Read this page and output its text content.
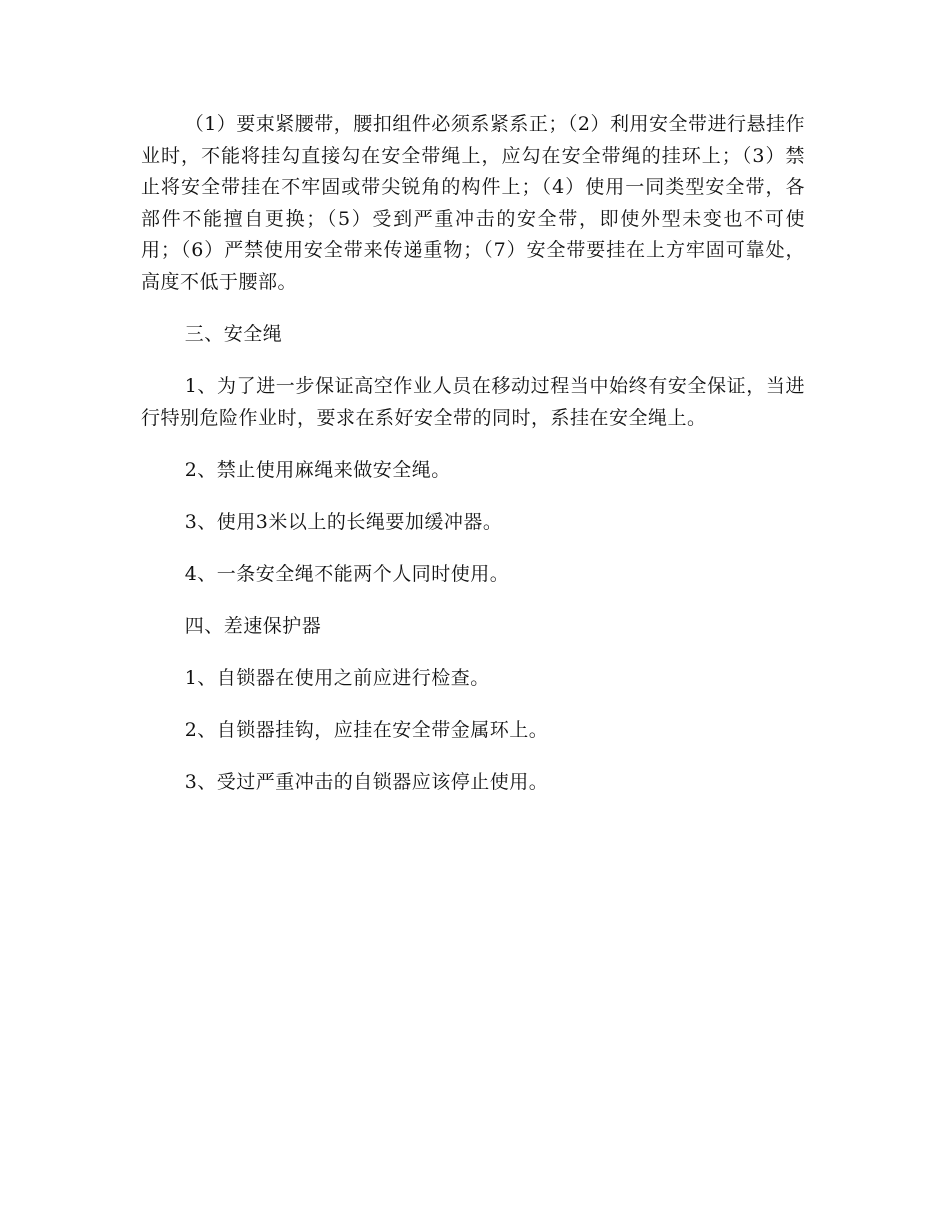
（1）要束紧腰带，腰扣组件必须系紧系正；（2）利用安全带进行悬挂作业时，不能将挂勾直接勾在安全带绳上，应勾在安全带绳的挂环上；（3）禁止将安全带挂在不牢固或带尖锐角的构件上；（4）使用一同类型安全带，各部件不能擅自更换；（5）受到严重冲击的安全带，即使外型未变也不可使用；（6）严禁使用安全带来传递重物；（7）安全带要挂在上方牢固可靠处，高度不低于腰部。

三、安全绳

1、为了进一步保证高空作业人员在移动过程当中始终有安全保证，当进行特别危险作业时，要求在系好安全带的同时，系挂在安全绳上。

2、禁止使用麻绳来做安全绳。

3、使用3米以上的长绳要加缓冲器。

4、一条安全绳不能两个人同时使用。

四、差速保护器

1、自锁器在使用之前应进行检查。

2、自锁器挂钩，应挂在安全带金属环上。

3、受过严重冲击的自锁器应该停止使用。
